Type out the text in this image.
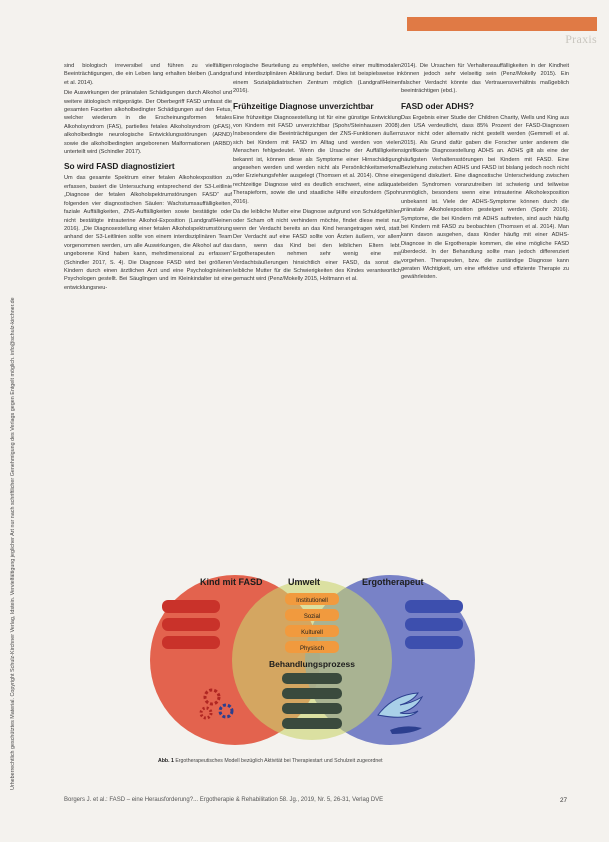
Praxis
Urheberrechtlich geschütztes Material. Copyright Schulz-Kirchner Verlag, Idstein. Vervielfältigung jeglicher Art nur nach schriftlicher Genehmigung des Verlags gegen Entgelt möglich. info@schulz-kirchner.de

sind biologisch irreversibel und führen zu vielfältigen Beeinträchtigungen, die ein Leben lang erhalten bleiben (Landgraf et al. 2014).

Die Auswirkungen der pränatalen Schädigungen durch Alkohol und weitere ätiologisch mitgeprägte. Der Oberbegriff FASD umfasst die gesamten Facetten alkoholbedingter Schädigungen auf den Fetus, welcher wiederum in die Erscheinungsformen fetales Alkoholsyndrom (FAS), partielles fetales Alkoholsyndrom (pFAS), alkoholbedingte neurologische Entwicklungsstörungen (ARND) sowie die alkoholbedingten angeborenen Malformationen (ARBD) unterteilt wird (Schindler 2017).

So wird FASD diagnostiziert

Um das gesamte Spektrum einer fetalen Alkoholexposition zu erfassen, basiert die Untersuchung entsprechend der S3-Leitlinie „Diagnose der fetalen Alkoholspektrumstörungen FASD“ auf folgenden vier diagnostischen Säulen: Wachstumsauffälligkeiten, faziale Auffälligkeiten, ZNS-Auffälligkeiten sowie bestätigte oder nicht bestätigte intrauterine Alkohol-Exposition (Landgraf/Heinen 2016). „Die Diagnosestellung einer fetalen Alkoholspektrumstörung anhand der S3-Leitlinien sollte von einem interdisziplinären Team vorgenommen werden, um alle Auswirkungen, die Alkohol auf das ungeborene Kind haben kann, mehrdimensional zu erfassen“ (Schindler 2017, S. 4). Die Diagnose FASD wird bei größeren Kindern durch einen ärztlichen Arzt und eine Psychologin/einen Psychologen gestellt. Bei Säuglingen und im Kleinkindalter ist eine entwicklungsneu-

rologische Beurteilung zu empfehlen, welche einer multimodalen und interdisziplinären Abklärung bedarf. Dies ist beispielsweise in einem Sozialpädiatrischen Zentrum möglich (Landgraf/Heinen 2016).

Frühzeitige Diagnose unverzichtbar

Eine frühzeitige Diagnosestellung ist für eine günstige Entwicklung von Kindern mit FASD unverzichtbar (Spohr/Steinhausen 2008). Insbesondere die Beeinträchtigungen der ZNS-Funktionen äußern sich bei Kindern mit FASD im Alltag und werden von vielen Menschen fehlgedeutet. Wenn die Ursache der Auffälligkeiten bekannt ist, können diese als Symptome einer Hirnschädigung angesehen werden und werden nicht als Persönlichkeitsmerkmal oder Erziehungsfehler ausgelegt (Thomsen et al. 2014). Ohne eine rechtzeitige Diagnose wird es deutlich erschwert, eine adäquate Therapieform, sowie die und staatliche Hilfe einzufordern (Spohr 2016).

Da die leibliche Mutter eine Diagnose aufgrund von Schuldgefühlen oder Scham oft nicht verhindern möchte, findet diese meist nur, wenn der Verdacht bereits an das Kind herangetragen wird, statt. Der Verdacht auf eine FASD sollte von Ärzten äußern, vor allem dann, wenn das Kind bei den leiblichen Eltern lebt. Ergotherapeuten nehmen sehr wenig eine mit Verdachtsäußerungen hinsichtlich einer FASD, da sonst die leibliche Mutter für die Schwierigkeiten des Kindes verantwortlich gemacht wird (Penz/Mokelly 2015, Holtmann et al.

2014). Die Ursachen für Verhaltensauffälligkeiten in der Kindheit können jedoch sehr vielseitig sein (Penz/Mokelly 2015). Ein falscher Verdacht könnte das Vertrauensverhältnis maßgeblich beeinträchtigen (ebd.).

FASD oder ADHS?

Das Ergebnis einer Studie der Children Charity, Wells und King aus den USA verdeutlicht, dass 85% Prozent der FASD-Diagnosen zuvor nicht oder alternativ nicht gestellt werden (Gemmell et al. 2015). Als Grund dafür gaben die Forscher unter anderem die signifikante Diagnosestellung ADHS an. ADHS gilt als eine der häufigsten Verhaltensstörungen bei Kindern mit FASD. Eine Beziehung zwischen ADHS und FASD ist bislang jedoch noch nicht genügend diskutiert. Eine diagnostische Unterscheidung zwischen beiden Syndromen voranzutreiben ist schwierig und teilweise unmöglich, besonders wenn eine intrauterine Alkoholexposition unbekannt ist. Viele der ADHS-Symptome können durch die pränatale Alkoholexposition gesteigert werden (Spohr 2016). Symptome, die bei Kindern mit ADHS auftreten, sind auch häufig bei Kindern mit FASD zu beobachten (Thomsen et al. 2014). Man kann davon ausgehen, dass Kinder häufig mit einer ADHS-Diagnose in die Ergotherapie kommen, die eine mögliche FASD überdeckt. In der Behandlung sollte man jedoch differenziert vorgehen. Therapeuten, bzw. die zuständige Diagnose kann geraten Wichtigkeit, um eine effektive und effiziente Therapie zu gewährleisten.

Kind mit FASD	Umwelt	Ergotherapeut
Institutionell
Sozial
Kulturell
Physisch
Behandlungsprozess
Abb. 1 Ergotherapeutisches Modell bezüglich Aktivität bei Therapiestart und Schulzeit zugeordnet
Borgers J. et al.: FASD – eine Herausforderung?... Ergotherapie & Rehabilitation 58. Jg., 2019, Nr. 5, 26-31, Verlag DVE	27
